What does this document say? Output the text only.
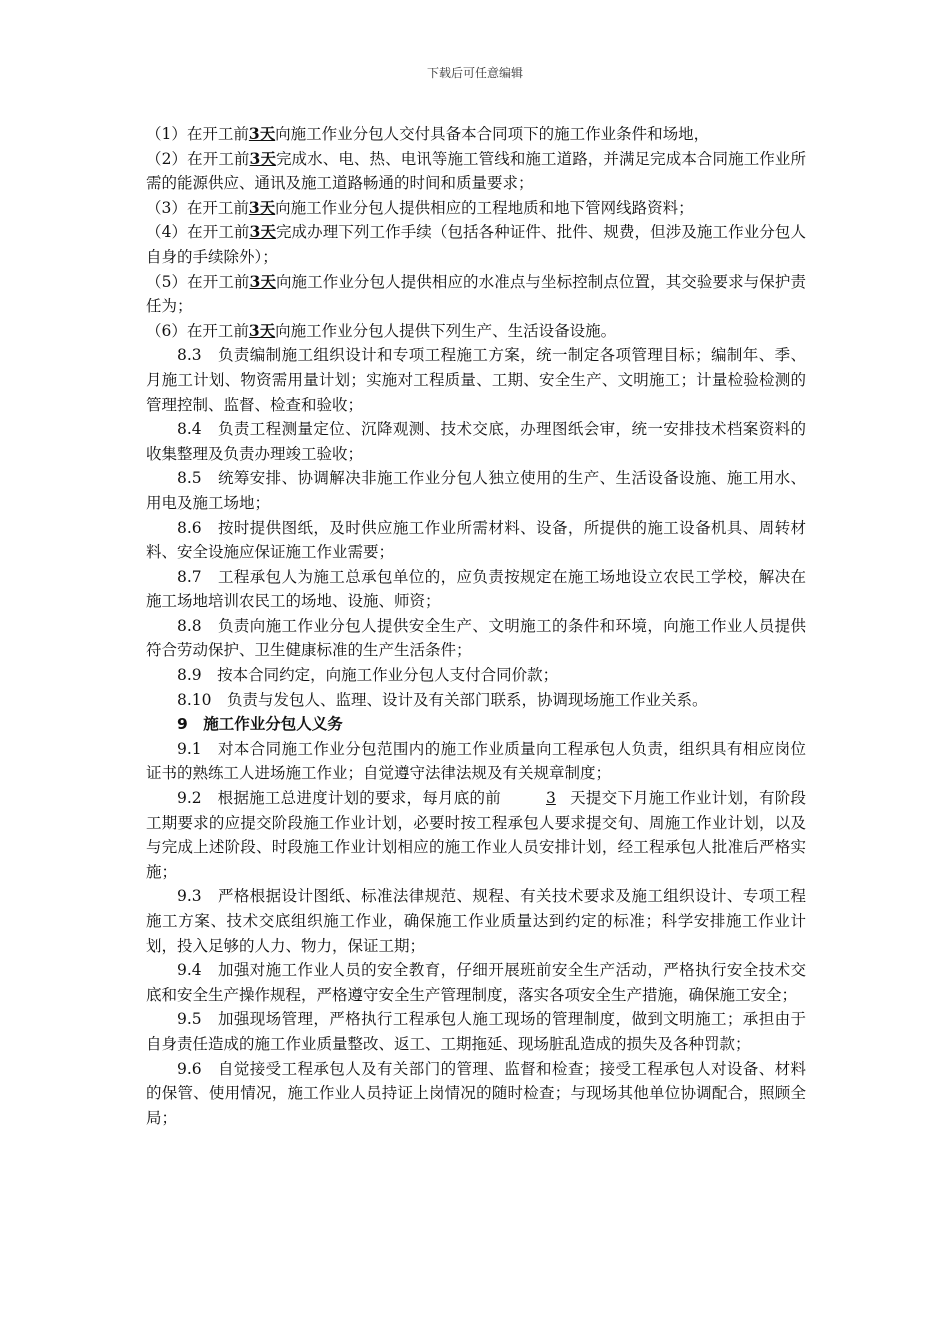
下载后可任意编辑

（1）在开工前3天向施工作业分包人交付具备本合同项下的施工作业条件和场地，

（2）在开工前3天完成水、电、热、电讯等施工管线和施工道路，并满足完成本合同施工作业所需的能源供应、通讯及施工道路畅通的时间和质量要求；

（3）在开工前3天向施工作业分包人提供相应的工程地质和地下管网线路资料；

（4）在开工前3天完成办理下列工作手续（包括各种证件、批件、规费，但涉及施工作业分包人自身的手续除外）；

（5）在开工前3天向施工作业分包人提供相应的水准点与坐标控制点位置，其交验要求与保护责任为；

（6）在开工前3天向施工作业分包人提供下列生产、生活设备设施。

8.3　负责编制施工组织设计和专项工程施工方案，统一制定各项管理目标；编制年、季、月施工计划、物资需用量计划；实施对工程质量、工期、安全生产、文明施工；计量检验检测的管理控制、监督、检查和验收；

8.4　负责工程测量定位、沉降观测、技术交底，办理图纸会审，统一安排技术档案资料的收集整理及负责办理竣工验收；

8.5　统筹安排、协调解决非施工作业分包人独立使用的生产、生活设备设施、施工用水、用电及施工场地；

8.6　按时提供图纸，及时供应施工作业所需材料、设备，所提供的施工设备机具、周转材料、安全设施应保证施工作业需要；

8.7　工程承包人为施工总承包单位的，应负责按规定在施工场地设立农民工学校，解决在施工场地培训农民工的场地、设施、师资；

8.8　负责向施工作业分包人提供安全生产、文明施工的条件和环境，向施工作业人员提供符合劳动保护、卫生健康标准的生产生活条件；

8.9　按本合同约定，向施工作业分包人支付合同价款；

8.10　负责与发包人、监理、设计及有关部门联系，协调现场施工作业关系。

9　施工作业分包人义务

9.1　对本合同施工作业分包范围内的施工作业质量向工程承包人负责，组织具有相应岗位证书的熟练工人进场施工作业；自觉遵守法律法规及有关规章制度；

9.2　根据施工总进度计划的要求，每月底的前	3 天提交下月施工作业计划，有阶段工期要求的应提交阶段施工作业计划，必要时按工程承包人要求提交旬、周施工作业计划，以及与完成上述阶段、时段施工作业计划相应的施工作业人员安排计划，经工程承包人批准后严格实施；

9.3　严格根据设计图纸、标准法律规范、规程、有关技术要求及施工组织设计、专项工程施工方案、技术交底组织施工作业，确保施工作业质量达到约定的标准；科学安排施工作业计划，投入足够的人力、物力，保证工期；

9.4　加强对施工作业人员的安全教育，仔细开展班前安全生产活动，严格执行安全技术交底和安全生产操作规程，严格遵守安全生产管理制度，落实各项安全生产措施，确保施工安全；

9.5　加强现场管理，严格执行工程承包人施工现场的管理制度，做到文明施工；承担由于自身责任造成的施工作业质量整改、返工、工期拖延、现场脏乱造成的损失及各种罚款；

9.6　自觉接受工程承包人及有关部门的管理、监督和检查；接受工程承包人对设备、材料的保管、使用情况，施工作业人员持证上岗情况的随时检查；与现场其他单位协调配合，照顾全局；
